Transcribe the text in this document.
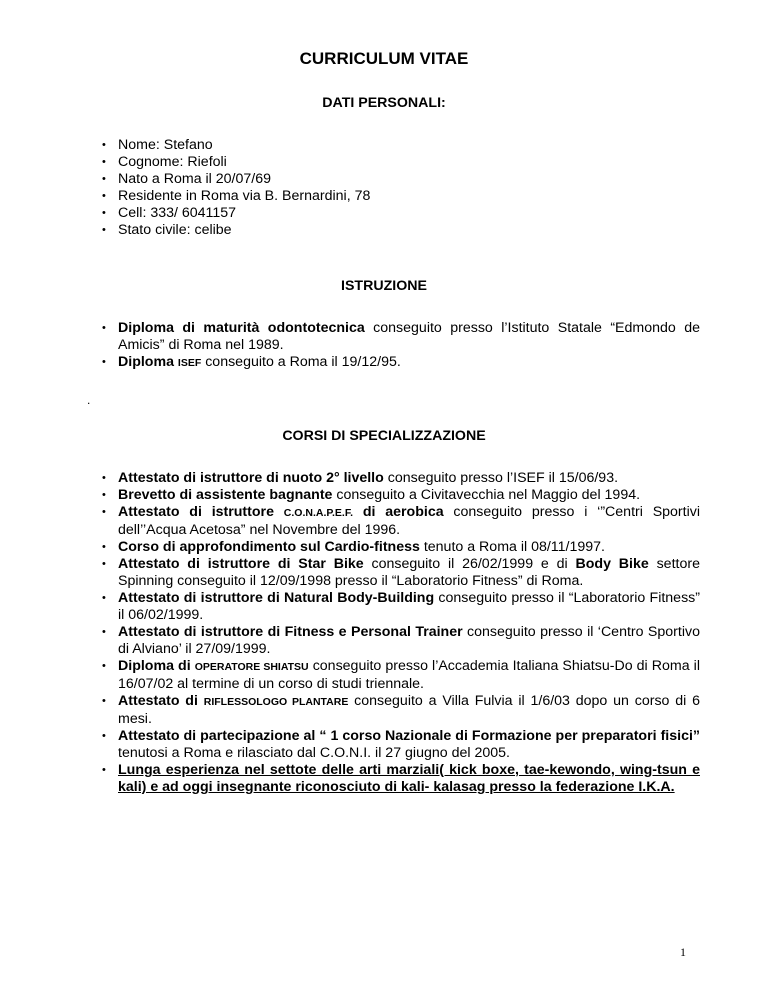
CURRICULUM VITAE
DATI PERSONALI:
• Nome: Stefano
• Cognome: Riefoli
• Nato a Roma il 20/07/69
• Residente in Roma via B. Bernardini, 78
• Cell: 333/ 6041157
• Stato civile: celibe
ISTRUZIONE
• Diploma di maturità odontotecnica conseguito presso l’Istituto Statale “Edmondo de Amicis” di Roma nel 1989.
• Diploma ISEF conseguito a Roma il 19/12/95.
.
CORSI DI SPECIALIZZAZIONE
• Attestato di istruttore di nuoto 2° livello conseguito presso l’ISEF il 15/06/93.
• Brevetto di assistente bagnante conseguito a Civitavecchia nel Maggio del 1994.
• Attestato di istruttore C.O.N.A.P.E.F. di aerobica conseguito presso i ‘”Centri Sportivi dell’’Acqua Acetosa” nel Novembre del 1996.
• Corso di approfondimento sul Cardio-fitness tenuto a Roma il 08/11/1997.
• Attestato di istruttore di Star Bike conseguito il 26/02/1999 e di Body Bike settore Spinning conseguito il 12/09/1998 presso il “Laboratorio Fitness” di Roma.
• Attestato di istruttore di Natural Body-Building conseguito presso il “Laboratorio Fitness” il 06/02/1999.
• Attestato di istruttore di Fitness e Personal Trainer conseguito presso il ‘Centro Sportivo di Alviano’ il 27/09/1999.
• Diploma di OPERATORE SHIATSU conseguito presso l’Accademia Italiana Shiatsu-Do di Roma il 16/07/02 al termine di un corso di studi triennale.
• Attestato di RIFLESSOLOGO PLANTARE conseguito a Villa Fulvia il 1/6/03 dopo un corso di 6 mesi.
• Attestato di partecipazione al “ 1 corso Nazionale di Formazione per preparatori fisici” tenutosi a Roma e rilasciato dal C.O.N.I. il 27 giugno del 2005.
• Lunga esperienza nel settote delle arti marziali( kick boxe, tae-kewondo, wing-tsun e kali) e ad oggi insegnante riconosciuto di kali- kalasag presso la federazione I.K.A.
1
